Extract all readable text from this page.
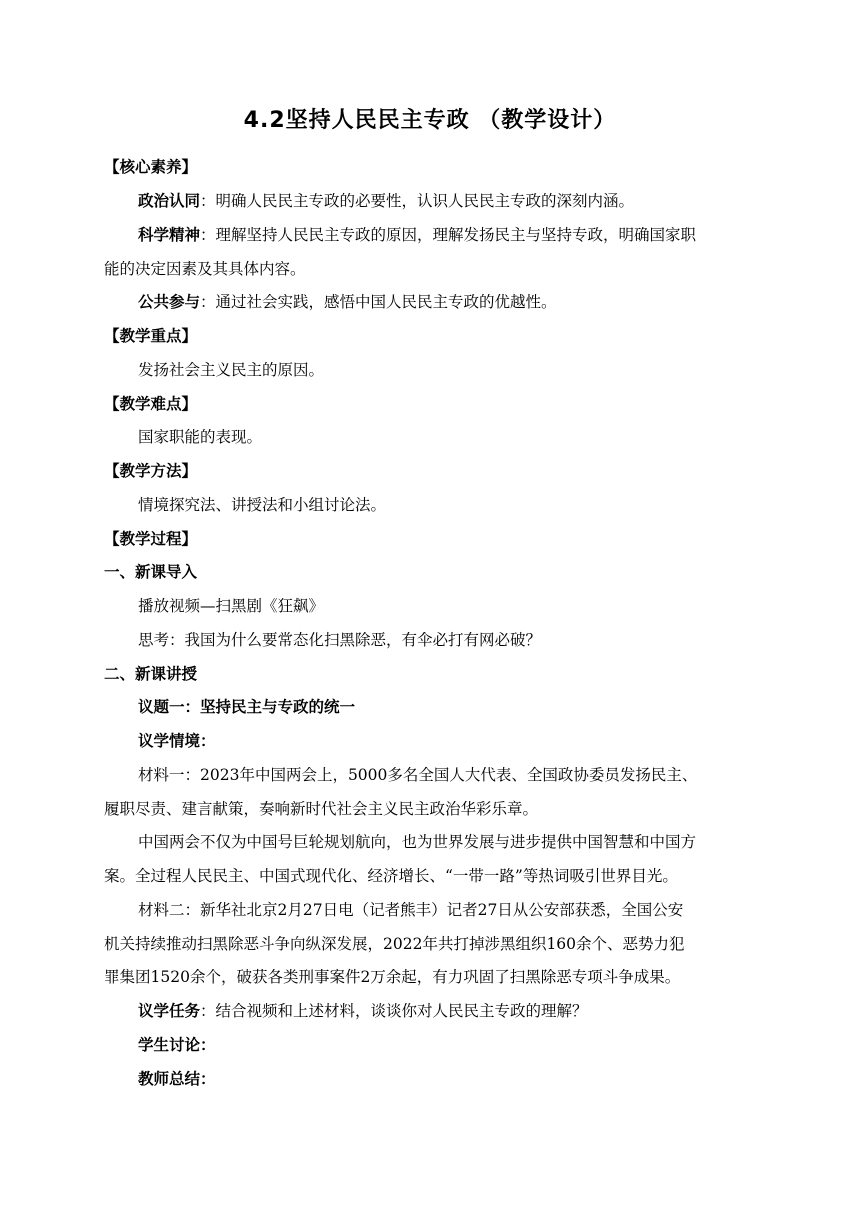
4.2坚持人民民主专政 （教学设计）
【核心素养】
政治认同：明确人民民主专政的必要性，认识人民民主专政的深刻内涵。
科学精神：理解坚持人民民主专政的原因，理解发扬民主与坚持专政，明确国家职
能的决定因素及其具体内容。
公共参与：通过社会实践，感悟中国人民民主专政的优越性。
【教学重点】
发扬社会主义民主的原因。
【教学难点】
国家职能的表现。
【教学方法】
情境探究法、讲授法和小组讨论法。
【教学过程】
一、新课导入
播放视频—扫黑剧《狂飙》
思考：我国为什么要常态化扫黑除恶，有伞必打有网必破？
二、新课讲授
议题一：坚持民主与专政的统一
议学情境：
材料一：2023年中国两会上，5000多名全国人大代表、全国政协委员发扬民主、
履职尽责、建言献策，奏响新时代社会主义民主政治华彩乐章。
中国两会不仅为中国号巨轮规划航向，也为世界发展与进步提供中国智慧和中国方
案。全过程人民民主、中国式现代化、经济增长、“一带一路”等热词吸引世界目光。
材料二：新华社北京2月27日电（记者熊丰）记者27日从公安部获悉，全国公安
机关持续推动扫黑除恶斗争向纵深发展，2022年共打掉涉黑组织160余个、恶势力犯
罪集团1520余个，破获各类刑事案件2万余起，有力巩固了扫黑除恶专项斗争成果。
议学任务：结合视频和上述材料，谈谈你对人民民主专政的理解？
学生讨论：
教师总结：
